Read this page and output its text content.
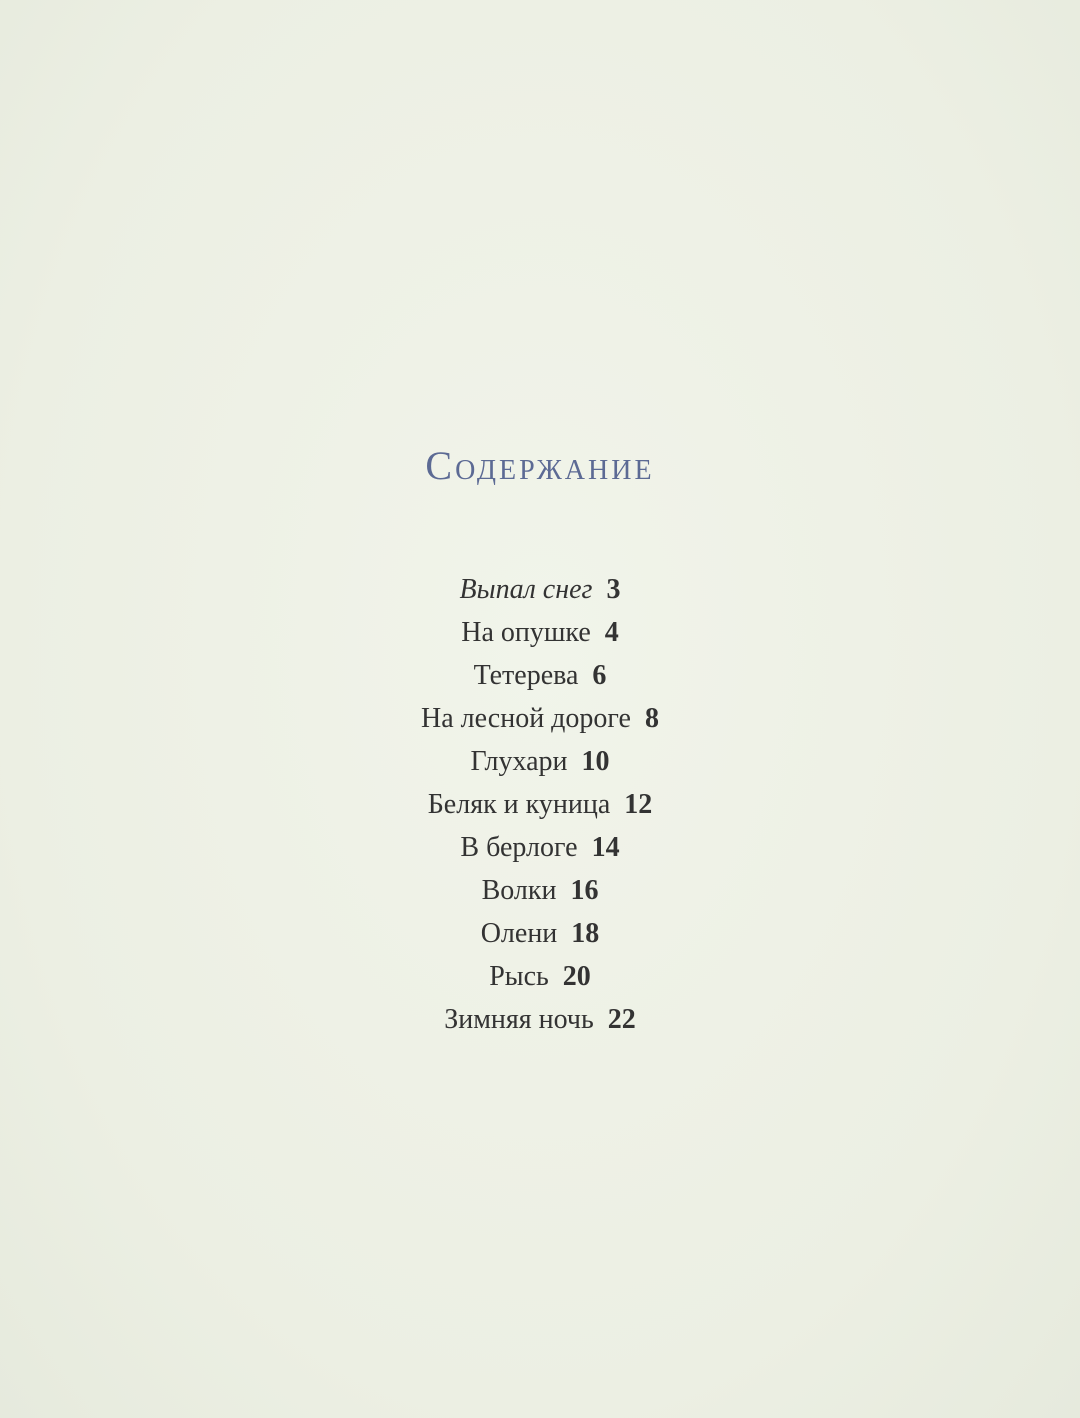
Содержание
Выпал снег 3
На опушке 4
Тетерева 6
На лесной дороге 8
Глухари 10
Беляк и куница 12
В берлоге 14
Волки 16
Олени 18
Рысь 20
Зимняя ночь 22
